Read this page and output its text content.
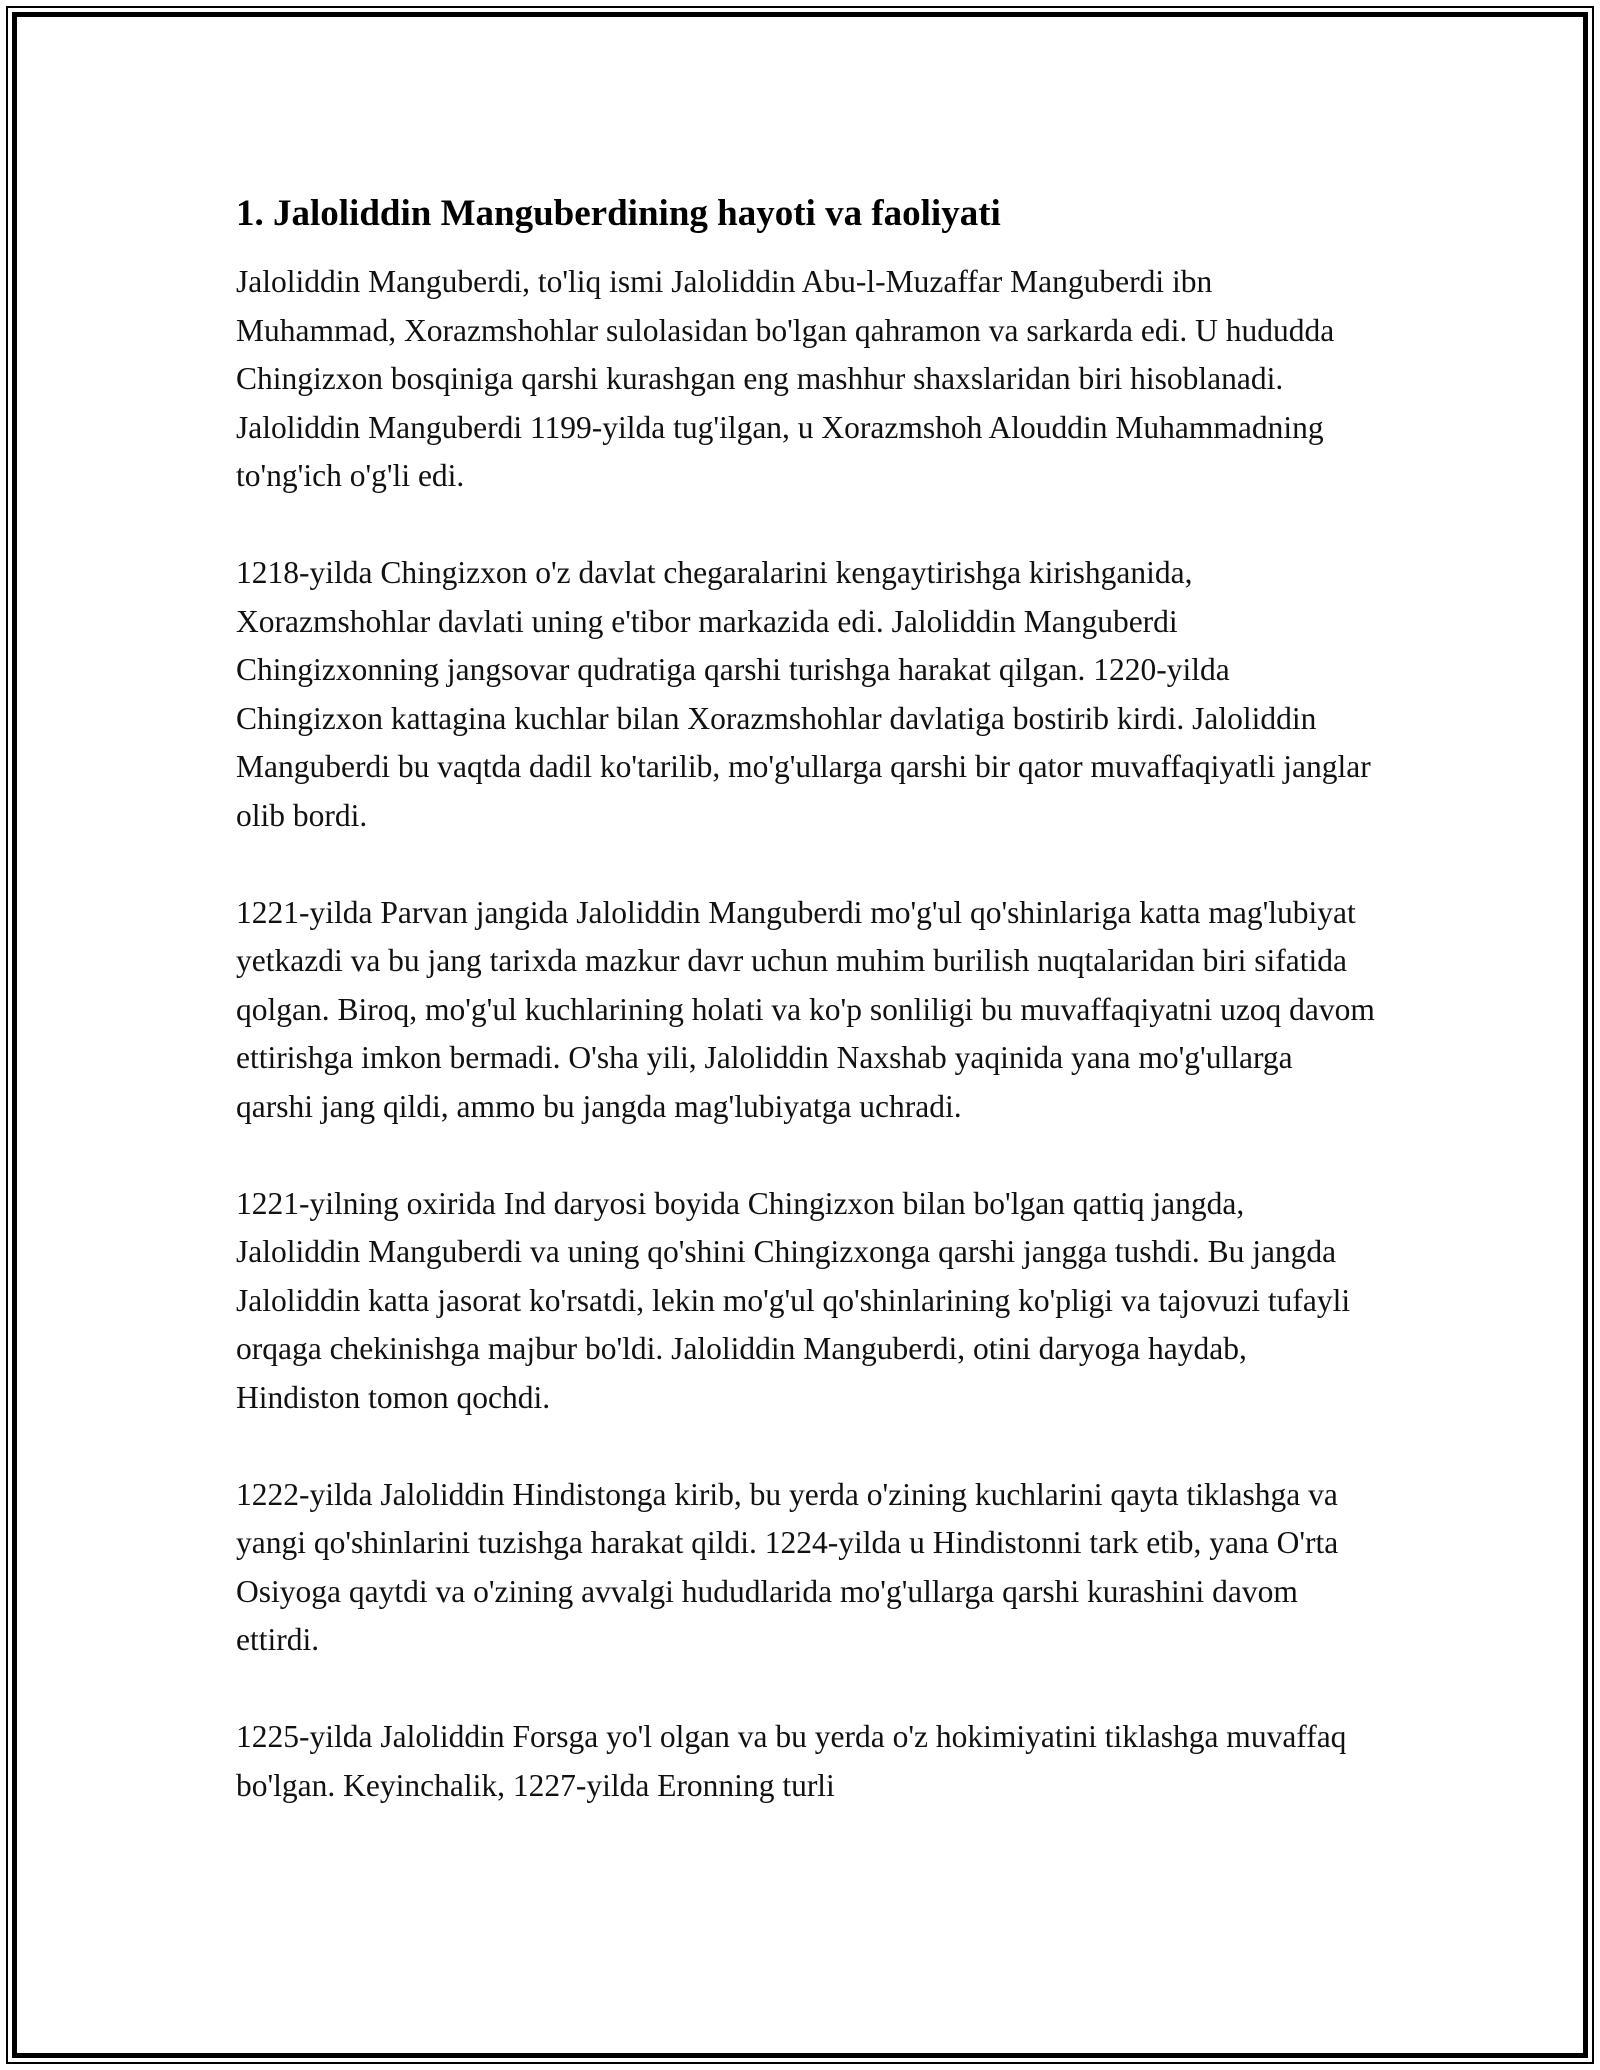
1. Jaloliddin Manguberdining hayoti va faoliyati

Jaloliddin Manguberdi, to'liq ismi Jaloliddin Abu-l-Muzaffar Manguberdi ibn Muhammad, Xorazmshohlar sulolasidan bo'lgan qahramon va sarkarda edi. U hududda Chingizxon bosqiniga qarshi kurashgan eng mashhur shaxslaridan biri hisoblanadi. Jaloliddin Manguberdi 1199-yilda tug'ilgan, u Xorazmshoh Alouddin Muhammadning to'ng'ich o'g'li edi.

1218-yilda Chingizxon o'z davlat chegaralarini kengaytirishga kirishganida, Xorazmshohlar davlati uning e'tibor markazida edi. Jaloliddin Manguberdi Chingizxonning jangsovar qudratiga qarshi turishga harakat qilgan. 1220-yilda Chingizxon kattagina kuchlar bilan Xorazmshohlar davlatiga bostirib kirdi. Jaloliddin Manguberdi bu vaqtda dadil ko'tarilib, mo'g'ullarga qarshi bir qator muvaffaqiyatli janglar olib bordi.

1221-yilda Parvan jangida Jaloliddin Manguberdi mo'g'ul qo'shinlariga katta mag'lubiyat yetkazdi va bu jang tarixda mazkur davr uchun muhim burilish nuqtalaridan biri sifatida qolgan. Biroq, mo'g'ul kuchlarining holati va ko'p sonliligi bu muvaffaqiyatni uzoq davom ettirishga imkon bermadi. O'sha yili, Jaloliddin Naxshab yaqinida yana mo'g'ullarga qarshi jang qildi, ammo bu jangda mag'lubiyatga uchradi.

1221-yilning oxirida Ind daryosi boyida Chingizxon bilan bo'lgan qattiq jangda, Jaloliddin Manguberdi va uning qo'shini Chingizxonga qarshi jangga tushdi. Bu jangda Jaloliddin katta jasorat ko'rsatdi, lekin mo'g'ul qo'shinlarining ko'pligi va tajovuzi tufayli orqaga chekinishga majbur bo'ldi. Jaloliddin Manguberdi, otini daryoga haydab, Hindiston tomon qochdi.

1222-yilda Jaloliddin Hindistonga kirib, bu yerda o'zining kuchlarini qayta tiklashga va yangi qo'shinlarini tuzishga harakat qildi. 1224-yilda u Hindistonni tark etib, yana O'rta Osiyoga qaytdi va o'zining avvalgi hududlarida mo'g'ullarga qarshi kurashini davom ettirdi.

1225-yilda Jaloliddin Forsga yo'l olgan va bu yerda o'z hokimiyatini tiklashga muvaffaq bo'lgan. Keyinchalik, 1227-yilda Eronning turli
